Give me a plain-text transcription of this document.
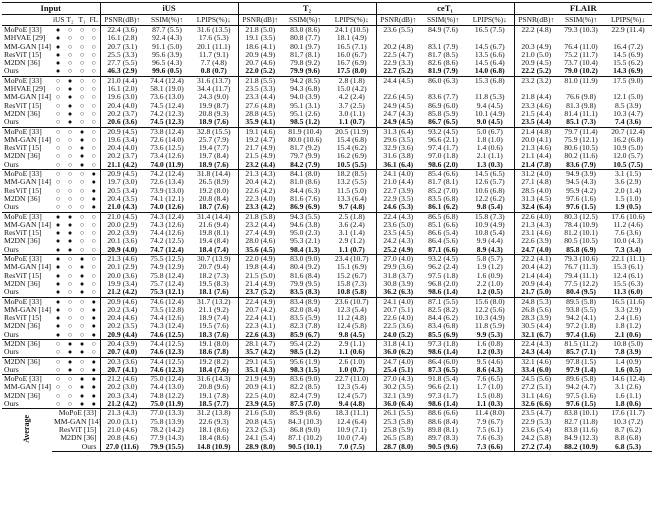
Input					iUS			T₂			ceT₁			FLAIR		
	iUS	T₂	T₁	FL	PSNR(dB)↑	SSIM(%)↑	LPIPS(%)↓	PSNR(dB)↑	SSIM(%)↑	LPIPS(%)↓	PSNR(dB)↑	SSIM(%)↑	LPIPS(%)↓	PSNR(dB)↑	SSIM(%)↑	LPIPS(%)↓
MoPoE [33]	●	○	○	○	22.4 (3.6)	87.7 (5.5)	31.6 (13.5)	21.8 (5.0)	83.0 (8.6)	24.1 (10.5)	23.6 (5.5)	84.9 (7.6)	16.5 (7.5)	22.2 (4.8)	79.3 (10.3)	22.9 (11.4)
MHVAE [29]	●	○	○	○	16.1 (2.8)	92.4 (4.3)	17.6 (5.3)	19.1 (3.5)	80.8 (7.7)	18.1 (4.9)						
MM-GAN [14]	●	○	○	○	20.7 (3.1)	91.1 (5.0)	20.1 (11.1)	18.6 (4.1)	80.1 (9.7)	16.5 (7.1)	20.2 (4.8)	83.1 (7.9)	14.5 (6.7)	20.3 (4.9)	76.4 (11.0)	16.4 (7.2)
ResViT [15]	●	○	○	○	25.5 (3.3)	95.6 (3.9)	11.7 (9.1)	20.9 (4.9)	81.7 (8.1)	16.0 (6.7)	22.5 (4.7)	81.7 (8.5)	13.5 (6.6)	21.0 (5.0)	75.2 (11.7)	14.5 (6.9)
M2DN [36]	●	○	○	○	27.7 (5.5)	96.5 (4.3)	7.7 (4.8)	20.7 (4.6)	79.8 (9.2)	16.7 (6.9)	22.9 (3.3)	82.6 (8.6)	14.5 (6.4)	20.9 (4.5)	73.7 (10.4)	15.5 (6.2)
Ours	●	○	○	○	46.3 (2.9)	99.6 (0.5)	0.8 (0.7)	22.0 (5.2)	79.9 (9.6)	17.5 (8.0)	22.7 (5.2)	81.9 (7.9)	14.0 (6.8)	22.2 (5.2)	79.0 (10.2)	14.3 (6.9)
MoPoE [33]	○	●	○	○	21.0 (4.4)	74.4 (12.4)	31.6 (13.7)	21.8 (5.5)	94.2 (8.5)	2.8 (1.8)	24.4 (4.5)	86.0 (6.3)	15.3 (6.8)	23.2 (3.2)	81.0 (11.9)	17.5 (9.0)
MHVAE [29]	○	●	○	○	16.1 (2.0)	58.1 (19.0)	34.4 (11.7)	23.5 (3.3)	94.3 (6.8)	15.0 (4.2)						
MM-GAN [14]	○	●	○	○	19.6 (3.0)	73.6 (13.0)	24.3 (9.0)	23.3 (4.4)	94.0 (3.9)	4.2 (2.4)	22.6 (4.5)	83.6 (7.7)	11.8 (5.3)	21.8 (4.4)	76.6 (9.8)	12.1 (5.0)
ResViT [15]	○	●	○	○	20.4 (4.0)	74.5 (12.4)	19.9 (8.7)	27.6 (4.8)	95.1 (3.1)	3.7 (2.5)	24.9 (4.5)	86.9 (6.0)	9.4 (4.5)	23.3 (4.6)	81.3 (9.8)	8.5 (3.9)
M2DN [36]	○	●	○	○	20.2 (3.7)	74.2 (12.3)	20.8 (9.3)	28.8 (4.5)	95.1 (2.6)	3.0 (1.1)	24.7 (4.3)	85.8 (5.9)	10.1 (4.9)	21.5 (4.4)	81.4 (11.1)	10.3 (4.7)
Ours	○	●	○	○	20.6 (3.6)	74.5 (12.3)	18.9 (7.6)	35.9 (4.1)	98.5 (1.2)	1.1 (0.7)	24.9 (4.5)	86.7 (6.5)	9.0 (4.5)	23.5 (4.4)	85.1 (7.3)	7.4 (3.6)
MoPoE [33]	○	○	●	○	20.9 (4.5)	73.8 (12.4)	32.8 (15.5)	19.1 (4.6)	81.9 (10.4)	20.5 (11.9)	31.3 (6.4)	93.2 (4.5)	5.0 (6.7)	21.4 (4.8)	79.7 (11.4)	20.7 (12.4)
MM-GAN [14]	○	○	●	○	19.6 (3.4)	72.6 (14.0)	25.7 (7.9)	19.2 (4.7)	80.0 (10.6)	15.4 (6.8)	29.6 (3.5)	96.6 (2.1)	1.8 (1.0)	20.0 (4.1)	75.9 (12.1)	16.2 (6.8)
ResViT [15]	○	○	●	○	20.4 (4.0)	73.6 (12.5)	19.4 (7.7)	21.7 (4.9)	81.7 (9.2)	15.4 (6.2)	32.9 (3.6)	97.4 (1.7)	1.4 (0.6)	21.3 (4.6)	80.6 (10.5)	10.9 (5.0)
M2DN [36]	○	○	●	○	20.2 (3.7)	73.4 (12.6)	19.7 (8.4)	21.5 (4.9)	79.7 (9.9)	16.2 (6.9)	31.6 (3.8)	97.0 (1.8)	2.1 (1.1)	21.1 (4.4)	80.2 (11.6)	12.0 (5.7)
Ours	○	○	●	○	21.1 (4.2)	74.0 (11.9)	18.9 (7.6)	23.2 (4.4)	84.2 (7.9)	10.5 (5.5)	36.1 (6.4)	98.6 (2.0)	1.3 (0.3)	21.4 (7.8)	83.6 (7.9)	10.5 (7.5)
MoPoE [33]	○	○	○	●	20.9 (4.5)	74.2 (12.4)	31.8 (14.4)	21.3 (4.3)	84.1 (8.0)	18.2 (8.5)	24.1 (4.0)	85.4 (6.6)	14.5 (6.5)	31.2 (4.0)	94.9 (3.9)	3.1 (1.5)
MM-GAN [14]	○	○	○	●	19.7 (3.0)	72.6 (13.4)	26.5 (8.9)	20.4 (4.2)	81.0 (8.6)	13.2 (5.5)	21.0 (4.4)	81.7 (8.1)	12.6 (5.7)	27.1 (4.8)	94.5 (4.3)	3.6 (2.9)
ResViT [15]	○	○	○	●	20.5 (3.4)	73.9 (13.0)	19.2 (8.0)	22.6 (4.2)	84.4 (6.3)	11.5 (5.0)	22.7 (3.9)	85.2 (7.0)	10.6 (6.8)	28.5 (4.0)	95.9 (4.2)	2.0 (1.4)
M2DN [36]	○	○	○	●	20.4 (3.5)	74.1 (12.1)	20.8 (8.4)	22.3 (4.0)	81.6 (7.6)	13.3 (6.4)	22.9 (3.5)	83.5 (6.8)	12.2 (6.2)	31.3 (4.5)	97.6 (1.6)	1.5 (1.0)
Ours	○	○	○	●	21.0 (4.3)	74.0 (12.6)	18.7 (7.6)	23.3 (4.2)	86.9 (6.9)	9.7 (4.8)	24.6 (5.3)	86.1 (6.2)	9.8 (5.4)	32.4 (6.4)	97.6 (1.5)	1.9 (0.5)
MoPoE [33]	●	●	○	○	21.0 (4.5)	74.3 (12.4)	31.4 (14.4)	21.8 (5.8)	94.3 (5.5)	2.5 (1.8)	22.4 (4.3)	86.5 (6.8)	15.8 (7.3)	22.6 (4.0)	80.3 (12.5)	17.6 (10.6)
MM-GAN [14]	●	●	○	○	20.0 (2.9)	74.3 (12.6)	21.6 (9.4)	23.2 (4.4)	94.6 (3.8)	3.6 (2.4)	23.6 (5.0)	85.1 (6.6)	10.9 (4.9)	21.3 (4.3)	78.4 (10.9)	11.2 (4.6)
ResViT [15]	●	●	○	○	20.2 (3.9)	74.4 (12.6)	19.8 (8.1)	27.4 (4.9)	95.0 (2.3)	3.1 (1.4)	23.5 (4.5)	86.6 (5.4)	10.8 (5.4)	23.1 (4.6)	81.2 (10.1)	7.6 (3.6)
M2DN [36]	●	●	○	○	20.1 (3.6)	74.2 (12.5)	19.4 (8.4)	28.0 (4.6)	95.3 (2.1)	2.9 (1.2)	24.2 (4.3)	86.4 (5.6)	9.9 (4.4)	22.6 (3.9)	80.5 (10.5)	10.0 (4.3)
Ours	●	●	○	○	20.9 (4.0)	74.7 (12.4)	18.4 (7.4)	35.6 (4.5)	98.4 (1.3)	1.1 (0.7)	25.2 (4.9)	87.1 (6.6)	8.9 (4.3)	24.7 (4.0)	85.8 (6.9)	7.3 (3.4)
MoPoE [33]	●	○	●	○	21.3 (4.6)	75.5 (12.5)	30.7 (13.9)	22.0 (4.9)	83.0 (9.0)	23.4 (10.7)	27.0 (4.0)	93.2 (4.5)	5.8 (5.7)	22.2 (4.1)	79.3 (10.6)	22.1 (11.1)
MM-GAN [14]	●	○	●	○	20.1 (2.9)	74.9 (12.9)	20.7 (9.4)	19.8 (4.4)	80.4 (9.2)	15.1 (6.9)	29.9 (3.6)	96.2 (2.4)	1.9 (1.2)	20.4 (4.2)	76.7 (11.3)	15.3 (6.1)
ResViT [15]	●	○	●	○	20.0 (3.6)	75.8 (12.4)	18.2 (7.3)	21.5 (5.0)	81.6 (8.4)	15.2 (6.7)	31.8 (3.7)	97.5 (1.8)	1.6 (0.9)	21.4 (4.4)	79.4 (11.1)	12.4 (6.1)
M2DN [36]	●	○	●	○	19.9 (3.4)	75.7 (12.4)	19.5 (8.3)	21.4 (4.9)	79.9 (9.5)	15.8 (7.3)	30.8 (3.9)	96.8 (2.0)	2.2 (1.0)	20.9 (4.4)	77.5 (12.2)	15.5 (6.3)
Ours	●	○	●	○	21.2 (4.2)	75.3 (12.1)	18.1 (7.6)	23.7 (5.2)	83.5 (8.3)	10.8 (5.8)	36.2 (6.3)	98.6 (1.4)	1.2 (0.5)	21.7 (5.0)	80.4 (9.5)	11.3 (6.0)
MoPoE [33]	●	○	○	●	20.9 (4.6)	74.6 (12.4)	31.7 (13.2)	22.4 (4.9)	83.4 (8.9)	23.6 (10.7)	24.1 (4.0)	87.1 (5.5)	15.6 (8.0)	24.8 (5.3)	89.5 (5.8)	16.5 (11.6)
MM-GAN [14]	●	○	○	●	20.2 (3.4)	73.5 (12.8)	21.1 (9.2)	20.7 (4.2)	82.0 (8.4)	12.3 (5.4)	20.7 (5.1)	82.5 (8.2)	12.2 (5.6)	26.8 (5.6)	93.8 (5.5)	3.3 (2.9)
ResViT [15]	●	○	○	●	20.4 (4.6)	74.4 (12.6)	18.9 (7.4)	22.4 (4.1)	83.5 (5.9)	11.2 (4.8)	22.6 (4.0)	84.4 (6.2)	10.3 (4.9)	28.3 (3.9)	94.2 (4.1)	2.4 (1.6)
M2DN [36]	●	○	○	●	20.2 (3.5)	74.3 (12.4)	19.5 (7.6)	22.3 (4.1)	82.3 (7.8)	12.4 (5.8)	22.5 (3.6)	83.4 (6.8)	11.8 (5.9)	30.5 (4.4)	97.2 (1.8)	1.8 (1.2)
Ours	●	○	○	●	20.9 (4.4)	74.6 (12.5)	18.3 (7.6)	22.6 (4.3)	85.9 (6.7)	9.8 (4.5)	24.0 (5.2)	85.5 (6.9)	9.9 (5.3)	32.1 (6.7)	97.4 (1.6)	2.1 (0.6)
M2DN [36]	○	●	●	○	20.4 (3.9)	74.4 (12.5)	19.1 (8.0)	28.1 (4.7)	95.4 (2.2)	2.9 (1.1)	31.8 (4.1)	97.3 (1.8)	1.6 (0.8)	22.4 (4.3)	81.5 (11.2)	10.8 (5.0)
Ours	○	●	●	○	20.7 (4.0)	74.6 (12.3)	18.6 (7.8)	35.7 (4.2)	98.5 (1.2)	1.1 (0.6)	36.0 (6.2)	98.6 (1.4)	1.2 (0.3)	24.3 (4.4)	85.7 (7.1)	7.8 (3.9)
M2DN [36]	○	●	○	●	20.3 (3.6)	74.4 (12.5)	19.2 (8.2)	29.1 (4.5)	95.6 (1.9)	2.6 (1.0)	24.7 (4.0)	86.4 (6.0)	9.5 (4.6)	32.1 (4.6)	97.8 (1.5)	1.4 (0.9)
Ours	○	●	○	●	20.7 (4.1)	74.6 (12.3)	18.4 (7.6)	35.1 (4.3)	98.3 (1.5)	1.0 (0.7)	25.4 (5.1)	87.3 (6.5)	8.6 (4.3)	33.4 (6.0)	97.9 (1.4)	1.6 (0.5)
MoPoE [33]	○	○	●	●	21.2 (4.6)	75.0 (12.4)	31.6 (14.3)	21.9 (4.9)	83.6 (9.0)	22.7 (11.0)	27.0 (4.3)	91.8 (5.4)	7.6 (6.5)	24.5 (5.6)	89.6 (5.8)	14.6 (12.4)
MM-GAN [14]	○	○	●	●	20.2 (3.0)	74.4 (13.0)	20.8 (9.6)	20.9 (4.1)	82.2 (8.5)	12.3 (5.4)	30.2 (3.5)	96.6 (2.1)	1.7 (1.0)	27.2 (5.1)	94.2 (4.7)	3.1 (2.6)
M2DN [36]	○	○	●	●	20.3 (3.4)	74.8 (12.2)	19.1 (7.8)	22.5 (4.0)	82.4 (7.9)	12.4 (5.7)	32.1 (3.9)	97.3 (1.7)	1.5 (0.8)	31.1 (4.6)	97.5 (1.6)	1.6 (1.1)
Ours	○	○	●	●	21.2 (4.2)	75.0 (11.9)	18.5 (7.7)	23.9 (4.5)	87.5 (7.0)	9.4 (4.8)	36.0 (6.4)	98.6 (1.4)	1.1 (0.3)	32.6 (6.6)	97.6 (1.5)	1.8 (0.6)
Average	MoPoE [33]				21.3 (4.3)	77.0 (13.3)	31.2 (13.8)	21.6 (5.0)	85.9 (8.6)	18.3 (11.1)	26.1 (5.5)	88.6 (6.6)	11.4 (8.0)	23.5 (4.7)	83.8 (10.1)	17.6 (11.7)
	MM-GAN [14]				20.0 (3.1)	75.8 (13.9)	22.6 (9.3)	20.8 (4.5)	84.3 (10.3)	12.4 (6.4)	25.3 (5.8)	88.6 (8.4)	7.9 (6.7)	22.9 (5.3)	82.7 (11.8)	10.3 (7.2)
	ResViT [15]				21.0 (4.6)	78.2 (14.2)	18.1 (8.6)	23.2 (5.3)	86.8 (9.0)	10.9 (7.1)	25.8 (5.9)	89.8 (8.1)	7.5 (6.1)	23.6 (5.4)	83.8 (11.6)	8.7 (6.2)
	M2DN [36]				20.8 (4.6)	77.9 (14.3)	18.4 (8.6)	24.1 (5.4)	87.1 (10.2)	10.0 (7.4)	26.5 (5.8)	89.7 (8.3)	7.6 (6.3)	24.2 (5.8)	84.9 (12.3)	8.8 (6.8)
	Ours				27.0 (11.6)	79.9 (15.5)	14.8 (10.9)	28.9 (8.0)	90.5 (10.1)	7.0 (7.5)	28.7 (8.0)	90.5 (9.6)	7.3 (6.6)	27.2 (7.4)	88.2 (10.9)	6.8 (5.3)
